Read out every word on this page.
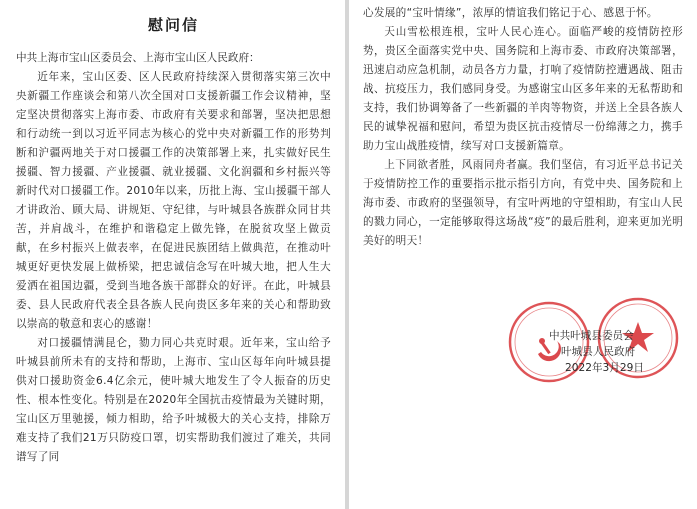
慰问信
中共上海市宝山区委员会、上海市宝山区人民政府：

近年来，宝山区委、区人民政府持续深入贯彻落实第三次中央新疆工作座谈会和第八次全国对口支援新疆工作会议精神，坚定坚决贯彻落实上海市委、市政府有关要求和部署，坚决把思想和行动统一到以习近平同志为核心的党中央对新疆工作的形势判断和沪疆两地关于对口援疆工作的决策部署上来，扎实做好民生援疆、智力援疆、产业援疆、就业援疆、文化润疆和乡村振兴等新时代对口援疆工作。2010年以来，历批上海、宝山援疆干部人才讲政治、顾大局、讲规矩、守纪律，与叶城县各族群众同甘共苦，并肩战斗，在维护和谐稳定上做先锋，在脱贫攻坚上做贡献，在乡村振兴上做表率，在促进民族团结上做典范，在推动叶城更好更快发展上做桥梁，把忠诚信念写在叶城大地，把人生大爱洒在祖国边疆，受到当地各族干部群众的好评。在此，叶城县委、县人民政府代表全县各族人民向贵区多年来的关心和帮助致以崇高的敬意和衷心的感谢！

对口援疆情满昆仑，勠力同心共克时艰。近年来，宝山给予叶城县前所未有的支持和帮助，上海市、宝山区每年向叶城县提供对口援助资金6.4亿余元，使叶城大地发生了令人振奋的历史性、根本性变化。特别是在2020年全国抗击疫情最为关键时期，宝山区万里驰援，倾力相助，给予叶城极大的关心支持，排除万难支持了我们21万只防疫口罩，切实帮助我们渡过了难关，共同谱写了同

心发展的“宝叶情缘”，浓厚的情谊我们铭记于心、感恩于怀。

天山雪松根连根，宝叶人民心连心。面临严峻的疫情防控形势，贵区全面落实党中央、国务院和上海市委、市政府决策部署，迅速启动应急机制，动员各方力量，打响了疫情防控遭遇战、阻击战、抗疫压力，我们感同身受。为感谢宝山区多年来的无私帮助和支持，我们协调筹备了一些新疆的羊肉等物资，并送上全县各族人民的诚挚祝福和慰问，希望为贵区抗击疫情尽一份绵薄之力，携手助力宝山战胜疫情，续写对口支援新篇章。

上下同欲者胜，风雨同舟者赢。我们坚信，有习近平总书记关于疫情防控工作的重要指示批示指引方向，有党中央、国务院和上海市委、市政府的坚强领导，有宝叶两地的守望相助，有宝山人民的戮力同心，一定能够取得这场战“疫”的最后胜利，迎来更加光明美好的明天！

中共叶城县委员会
叶城县人民政府
2022年3月29日
